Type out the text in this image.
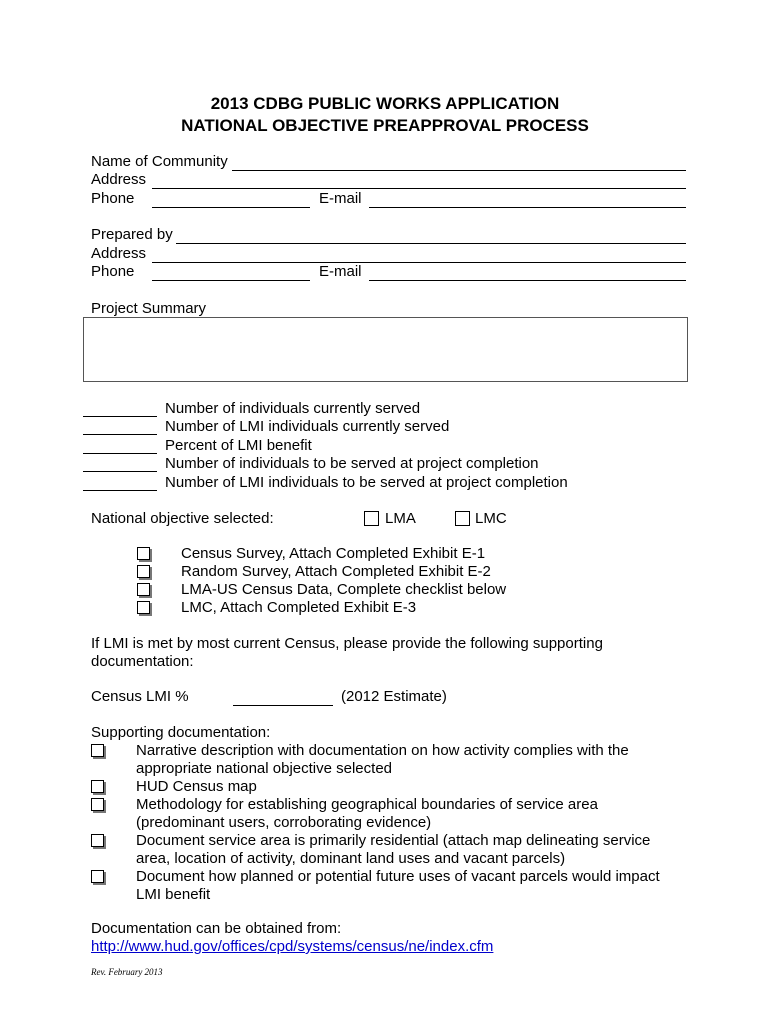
2013 CDBG PUBLIC WORKS APPLICATION
NATIONAL OBJECTIVE PREAPPROVAL PROCESS
Name of Community
Address
Phone	E-mail
Prepared by
Address
Phone	E-mail
Project Summary
Number of individuals currently served
Number of LMI individuals currently served
Percent of LMI benefit
Number of individuals to be served at project completion
Number of LMI individuals to be served at project completion
National objective selected:	LMA	LMC
Census Survey, Attach Completed Exhibit E-1
Random Survey, Attach Completed Exhibit E-2
LMA-US Census Data, Complete checklist below
LMC, Attach Completed Exhibit E-3
If LMI is met by most current Census, please provide the following supporting
documentation:
Census LMI %	(2012 Estimate)
Supporting documentation:
Narrative description with documentation on how activity complies with the
appropriate national objective selected
HUD Census map
Methodology for establishing geographical boundaries of service area
(predominant users, corroborating evidence)
Document service area is primarily residential (attach map delineating service
area, location of activity, dominant land uses and vacant parcels)
Document how planned or potential future uses of vacant parcels would impact
LMI benefit
Documentation can be obtained from:
http://www.hud.gov/offices/cpd/systems/census/ne/index.cfm
Rev. February 2013
